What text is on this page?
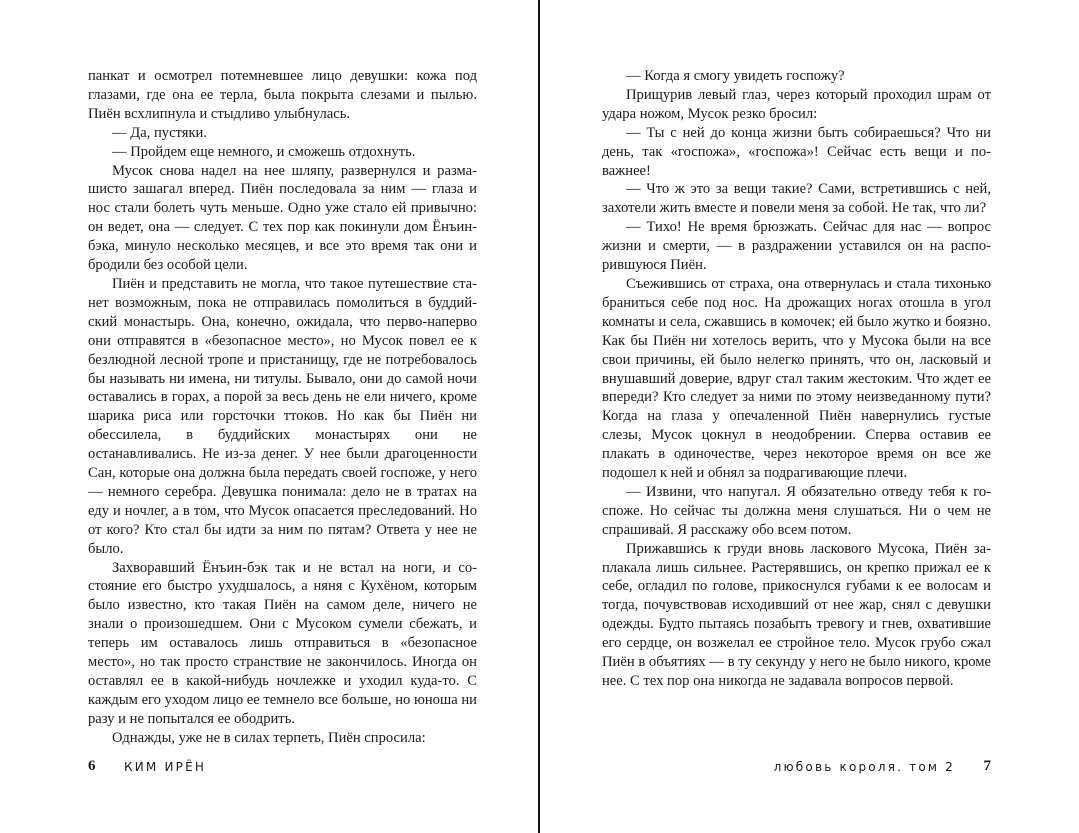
панкат и осмотрел потемневшее лицо девушки: кожа под глазами, где она ее терла, была покрыта слезами и пылью. Пиён всхлипнула и стыдливо улыбнулась.

— Да, пустяки.

— Пройдем еще немного, и сможешь отдохнуть.

Мусок снова надел на нее шляпу, развернулся и размашисто зашагал вперед. Пиён последовала за ним — глаза и нос стали болеть чуть меньше. Одно уже стало ей привычно: он ведет, она — следует. С тех пор как покинули дом Ёнъин-бэка, минуло несколько месяцев, и все это время так они и бродили без особой цели.

Пиён и представить не могла, что такое путешествие станет возможным, пока не отправилась помолиться в буддийский монастырь. Она, конечно, ожидала, что перво-наперво они отправятся в «безопасное место», но Мусок повел ее к безлюдной лесной тропе и пристанищу, где не потребовалось бы называть ни имена, ни титулы. Бывало, они до самой ночи оставались в горах, а порой за весь день не ели ничего, кроме шарика риса или горсточки ттоков. Но как бы Пиён ни обессилела, в буддийских монастырях они не останавливались. Не из-за денег. У нее были драгоценности Сан, которые она должна была передать своей госпоже, у него — немного серебра. Девушка понимала: дело не в тратах на еду и ночлег, а в том, что Мусок опасается преследований. Но от кого? Кто стал бы идти за ним по пятам? Ответа у нее не было.

Захворавший Ёнъин-бэк так и не встал на ноги, и состояние его быстро ухудшалось, а няня с Кухёном, которым было известно, кто такая Пиён на самом деле, ничего не знали о произошедшем. Они с Мусоком сумели сбежать, и теперь им оставалось лишь отправиться в «безопасное место», но так просто странствие не закончилось. Иногда он оставлял ее в какой-нибудь ночлежке и уходил куда-то. С каждым его уходом лицо ее темнело все больше, но юноша ни разу и не попытался ее ободрить.

Однажды, уже не в силах терпеть, Пиён спросила:

6 КИМ ИРЁН

— Когда я смогу увидеть госпожу?

Прищурив левый глаз, через который проходил шрам от удара ножом, Мусок резко бросил:

— Ты с ней до конца жизни быть собираешься? Что ни день, так «госпожа», «госпожа»! Сейчас есть вещи и поважнее!

— Что ж это за вещи такие? Сами, встретившись с ней, захотели жить вместе и повели меня за собой. Не так, что ли?

— Тихо! Не время брюзжать. Сейчас для нас — вопрос жизни и смерти, — в раздражении уставился он на распорившуюся Пиён.

Съежившись от страха, она отвернулась и стала тихонько браниться себе под нос. На дрожащих ногах отошла в угол комнаты и села, сжавшись в комочек; ей было жутко и боязно. Как бы Пиён ни хотелось верить, что у Мусока были на все свои причины, ей было нелегко принять, что он, ласковый и внушавший доверие, вдруг стал таким жестоким. Что ждет ее впереди? Кто следует за ними по этому неизведанному пути? Когда на глаза у опечаленной Пиён навернулись густые слезы, Мусок цокнул в неодобрении. Сперва оставив ее плакать в одиночестве, через некоторое время он все же подошел к ней и обнял за подрагивающие плечи.

— Извини, что напугал. Я обязательно отведу тебя к госпоже. Но сейчас ты должна меня слушаться. Ни о чем не спрашивай. Я расскажу обо всем потом.

Прижавшись к груди вновь ласкового Мусока, Пиён заплакала лишь сильнее. Растерявшись, он крепко прижал ее к себе, огладил по голове, прикоснулся губами к ее волосам и тогда, почувствовав исходивший от нее жар, снял с девушки одежды. Будто пытаясь позабыть тревогу и гнев, охватившие его сердце, он возжелал ее стройное тело. Мусок грубо сжал Пиён в объятиях — в ту секунду у него не было никого, кроме нее. С тех пор она никогда не задавала вопросов первой.

любовь короля. том 2 7
